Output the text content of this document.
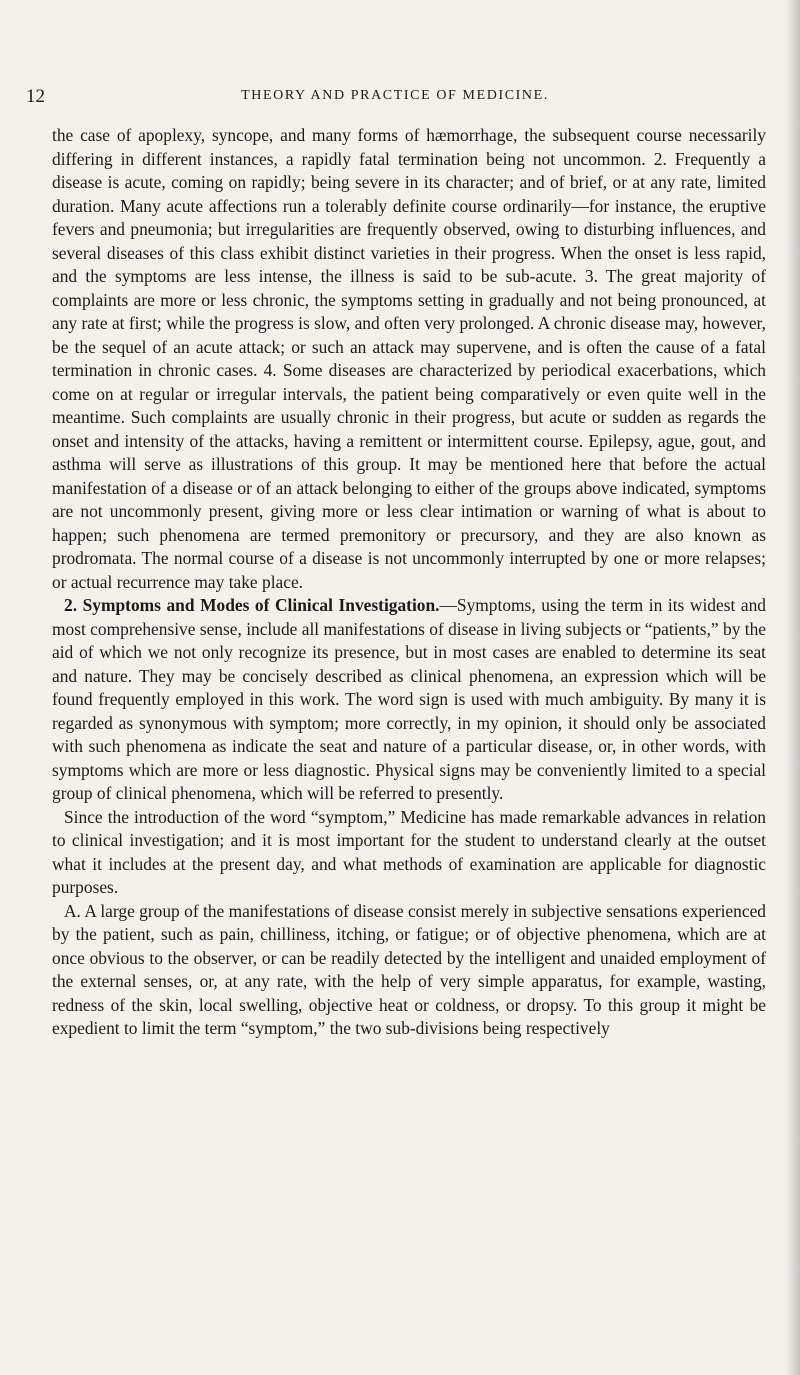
12	THEORY AND PRACTICE OF MEDICINE.

the case of apoplexy, syncope, and many forms of hæmorrhage, the subsequent course necessarily differing in different instances, a rapidly fatal termination being not uncommon. 2. Frequently a disease is acute, coming on rapidly; being severe in its character; and of brief, or at any rate, limited duration. Many acute affections run a tolerably definite course ordinarily—for instance, the eruptive fevers and pneumonia; but irregularities are frequently observed, owing to disturbing influences, and several diseases of this class exhibit distinct varieties in their progress. When the onset is less rapid, and the symptoms are less intense, the illness is said to be sub-acute. 3. The great majority of complaints are more or less chronic, the symptoms setting in gradually and not being pronounced, at any rate at first; while the progress is slow, and often very prolonged. A chronic disease may, however, be the sequel of an acute attack; or such an attack may supervene, and is often the cause of a fatal termination in chronic cases. 4. Some diseases are characterized by periodical exacerbations, which come on at regular or irregular intervals, the patient being comparatively or even quite well in the meantime. Such complaints are usually chronic in their progress, but acute or sudden as regards the onset and intensity of the attacks, having a remittent or intermittent course. Epilepsy, ague, gout, and asthma will serve as illustrations of this group. It may be mentioned here that before the actual manifestation of a disease or of an attack belonging to either of the groups above indicated, symptoms are not uncommonly present, giving more or less clear intimation or warning of what is about to happen; such phenomena are termed premonitory or precursory, and they are also known as prodromata. The normal course of a disease is not uncommonly interrupted by one or more relapses; or actual recurrence may take place.

2. Symptoms and Modes of Clinical Investigation.—Symptoms, using the term in its widest and most comprehensive sense, include all manifestations of disease in living subjects or “patients,” by the aid of which we not only recognize its presence, but in most cases are enabled to determine its seat and nature. They may be concisely described as clinical phenomena, an expression which will be found frequently employed in this work. The word sign is used with much ambiguity. By many it is regarded as synonymous with symptom; more correctly, in my opinion, it should only be associated with such phenomena as indicate the seat and nature of a particular disease, or, in other words, with symptoms which are more or less diagnostic. Physical signs may be conveniently limited to a special group of clinical phenomena, which will be referred to presently.

Since the introduction of the word “symptom,” Medicine has made remarkable advances in relation to clinical investigation; and it is most important for the student to understand clearly at the outset what it includes at the present day, and what methods of examination are applicable for diagnostic purposes.

A. A large group of the manifestations of disease consist merely in subjective sensations experienced by the patient, such as pain, chilliness, itching, or fatigue; or of objective phenomena, which are at once obvious to the observer, or can be readily detected by the intelligent and unaided employment of the external senses, or, at any rate, with the help of very simple apparatus, for example, wasting, redness of the skin, local swelling, objective heat or coldness, or dropsy. To this group it might be expedient to limit the term “symptom,” the two sub-divisions being respectively
